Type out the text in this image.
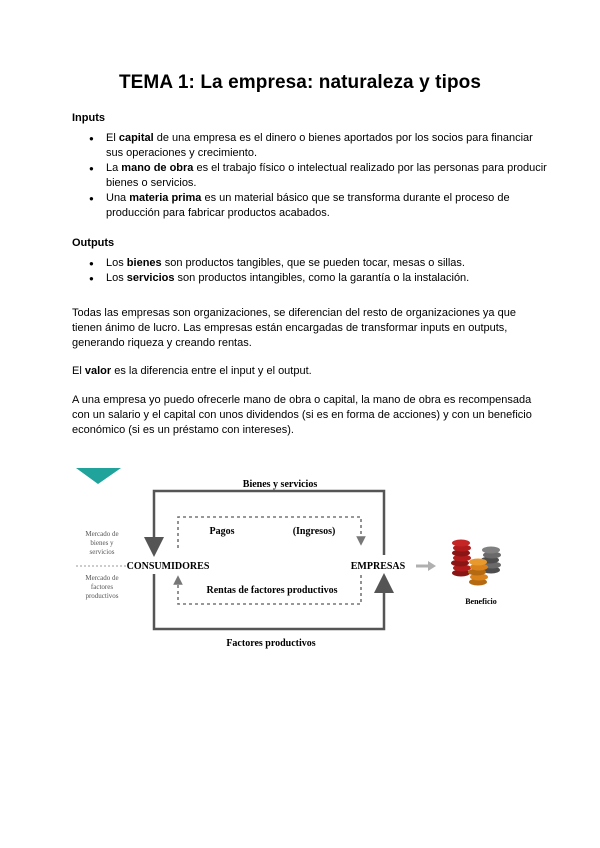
TEMA 1: La empresa: naturaleza y tipos
Inputs
● El capital de una empresa es el dinero o bienes aportados por los socios para financiar sus operaciones y crecimiento.
● La mano de obra es el trabajo físico o intelectual realizado por las personas para producir bienes o servicios.
● Una materia prima es un material básico que se transforma durante el proceso de producción para fabricar productos acabados.
Outputs
● Los bienes son productos tangibles, que se pueden tocar, mesas o sillas.
● Los servicios son productos intangibles, como la garantía o la instalación.

Todas las empresas son organizaciones, se diferencian del resto de organizaciones ya que tienen ánimo de lucro. Las empresas están encargadas de transformar inputs en outputs, generando riqueza y creando rentas.

El valor es la diferencia entre el input y el output.

A una empresa yo puedo ofrecerle mano de obra o capital, la mano de obra es recompensada con un salario y el capital con unos dividendos (si es en forma de acciones) y con un beneficio económico (si es un préstamo con intereses).

Bienes y servicios
Pagos	(Ingresos)
CONSUMIDORES	EMPRESAS
Rentas de factores productivos
Factores productivos
Mercado de
bienes y
servicios
Mercado de
factores
productivos
Beneficio
